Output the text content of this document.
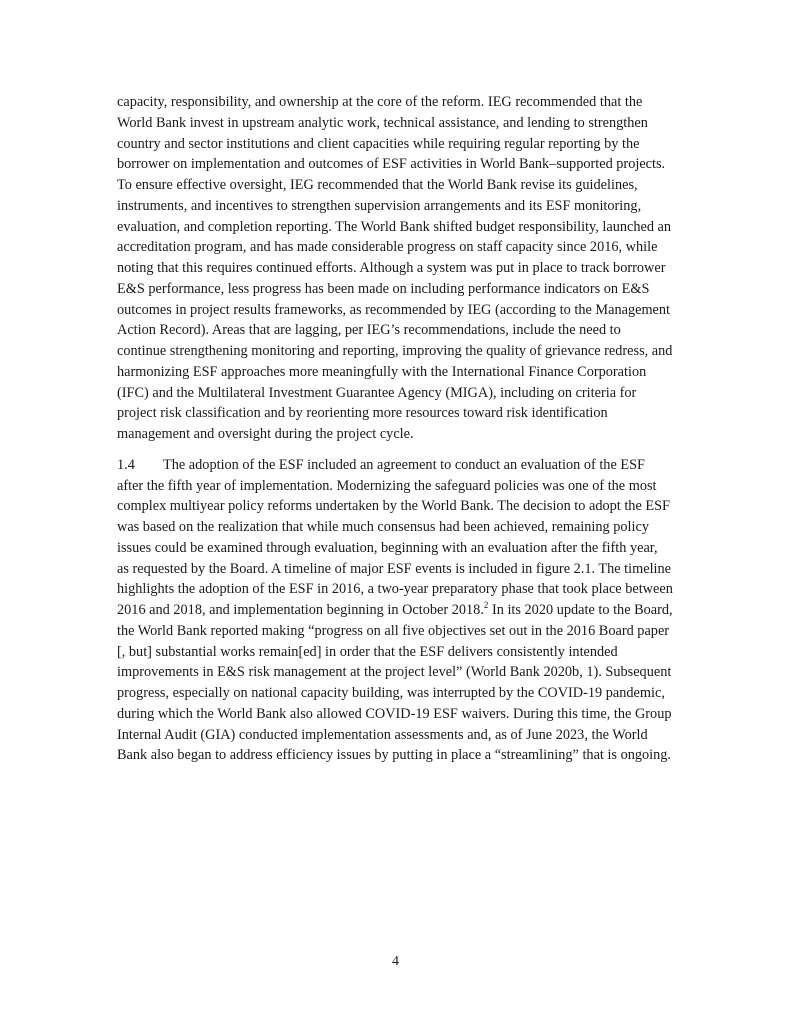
capacity, responsibility, and ownership at the core of the reform. IEG recommended that the World Bank invest in upstream analytic work, technical assistance, and lending to strengthen country and sector institutions and client capacities while requiring regular reporting by the borrower on implementation and outcomes of ESF activities in World Bank–supported projects. To ensure effective oversight, IEG recommended that the World Bank revise its guidelines, instruments, and incentives to strengthen supervision arrangements and its ESF monitoring, evaluation, and completion reporting. The World Bank shifted budget responsibility, launched an accreditation program, and has made considerable progress on staff capacity since 2016, while noting that this requires continued efforts. Although a system was put in place to track borrower E&S performance, less progress has been made on including performance indicators on E&S outcomes in project results frameworks, as recommended by IEG (according to the Management Action Record). Areas that are lagging, per IEG’s recommendations, include the need to continue strengthening monitoring and reporting, improving the quality of grievance redress, and harmonizing ESF approaches more meaningfully with the International Finance Corporation (IFC) and the Multilateral Investment Guarantee Agency (MIGA), including on criteria for project risk classification and by reorienting more resources toward risk identification management and oversight during the project cycle.

1.4 The adoption of the ESF included an agreement to conduct an evaluation of the ESF after the fifth year of implementation. Modernizing the safeguard policies was one of the most complex multiyear policy reforms undertaken by the World Bank. The decision to adopt the ESF was based on the realization that while much consensus had been achieved, remaining policy issues could be examined through evaluation, beginning with an evaluation after the fifth year, as requested by the Board. A timeline of major ESF events is included in figure 2.1. The timeline highlights the adoption of the ESF in 2016, a two-year preparatory phase that took place between 2016 and 2018, and implementation beginning in October 2018.$^2$ In its 2020 update to the Board, the World Bank reported making “progress on all five objectives set out in the 2016 Board paper [, but] substantial works remain[ed] in order that the ESF delivers consistently intended improvements in E&S risk management at the project level” (World Bank 2020b, 1). Subsequent progress, especially on national capacity building, was interrupted by the COVID-19 pandemic, during which the World Bank also allowed COVID-19 ESF waivers. During this time, the Group Internal Audit (GIA) conducted implementation assessments and, as of June 2023, the World Bank also began to address efficiency issues by putting in place a “streamlining” that is ongoing.

4
